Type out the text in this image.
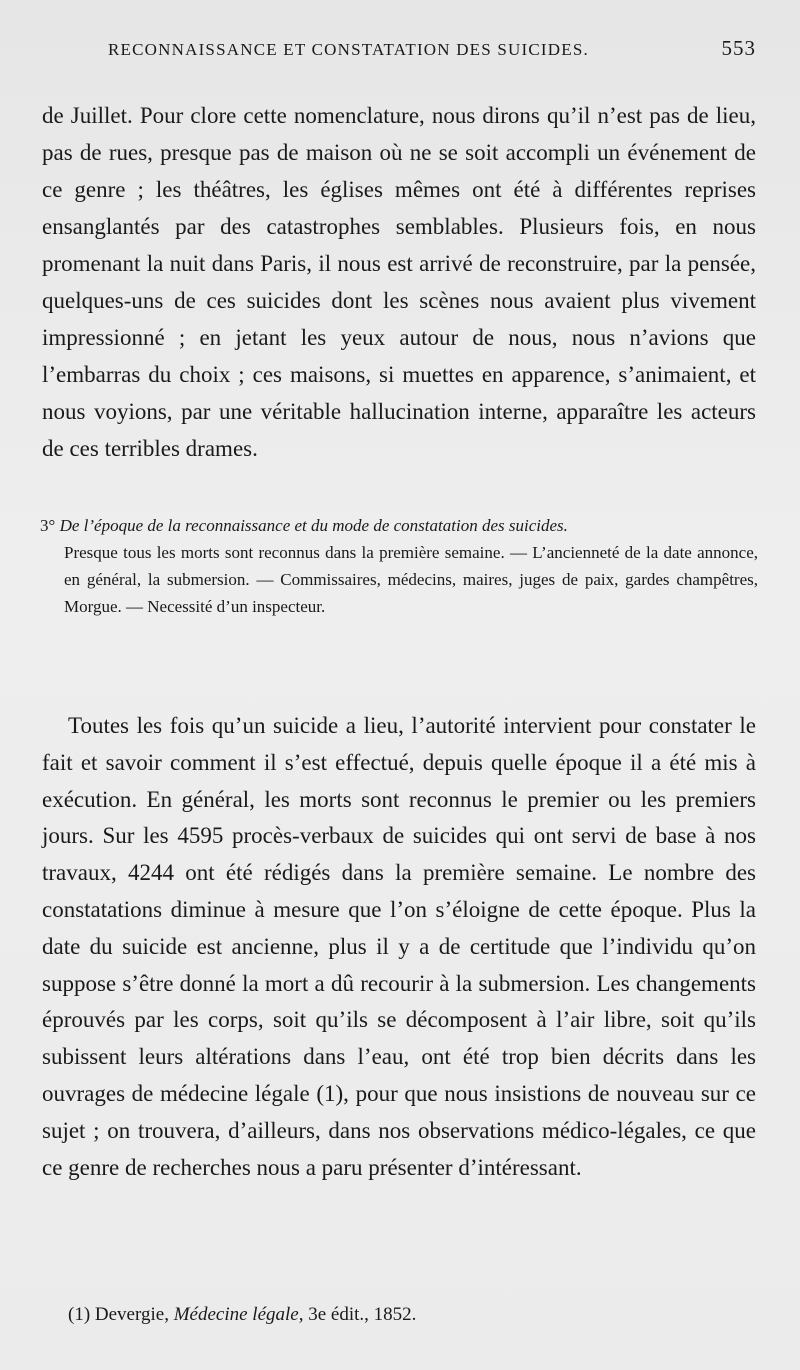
RECONNAISSANCE ET CONSTATATION DES SUICIDES.	553

de Juillet. Pour clore cette nomenclature, nous dirons qu’il n’est pas de lieu, pas de rues, presque pas de maison où ne se soit accompli un événement de ce genre ; les théâtres, les églises mêmes ont été à différentes reprises ensanglantés par des catastrophes semblables. Plusieurs fois, en nous promenant la nuit dans Paris, il nous est arrivé de reconstruire, par la pensée, quelques-uns de ces suicides dont les scènes nous avaient plus vivement impressionné ; en jetant les yeux autour de nous, nous n’avions que l’embarras du choix ; ces maisons, si muettes en apparence, s’animaient, et nous voyions, par une véritable hallucination interne, apparaître les acteurs de ces terribles drames.

3° De l’époque de la reconnaissance et du mode de constatation des suicides.
Presque tous les morts sont reconnus dans la première semaine. — L’ancienneté de la date annonce, en général, la submersion. — Commissaires, médecins, maires, juges de paix, gardes champêtres, Morgue. — Necessité d’un inspecteur.

Toutes les fois qu’un suicide a lieu, l’autorité intervient pour constater le fait et savoir comment il s’est effectué, depuis quelle époque il a été mis à exécution. En général, les morts sont reconnus le premier ou les premiers jours. Sur les 4595 procès-verbaux de suicides qui ont servi de base à nos travaux, 4244 ont été rédigés dans la première semaine. Le nombre des constatations diminue à mesure que l’on s’éloigne de cette époque. Plus la date du suicide est ancienne, plus il y a de certitude que l’individu qu’on suppose s’être donné la mort a dû recourir à la submersion. Les changements éprouvés par les corps, soit qu’ils se décomposent à l’air libre, soit qu’ils subissent leurs altérations dans l’eau, ont été trop bien décrits dans les ouvrages de médecine légale (1), pour que nous insistions de nouveau sur ce sujet ; on trouvera, d’ailleurs, dans nos observations médico-légales, ce que ce genre de recherches nous a paru présenter d’intéressant.

(1) Devergie, Médecine légale, 3e édit., 1852.
